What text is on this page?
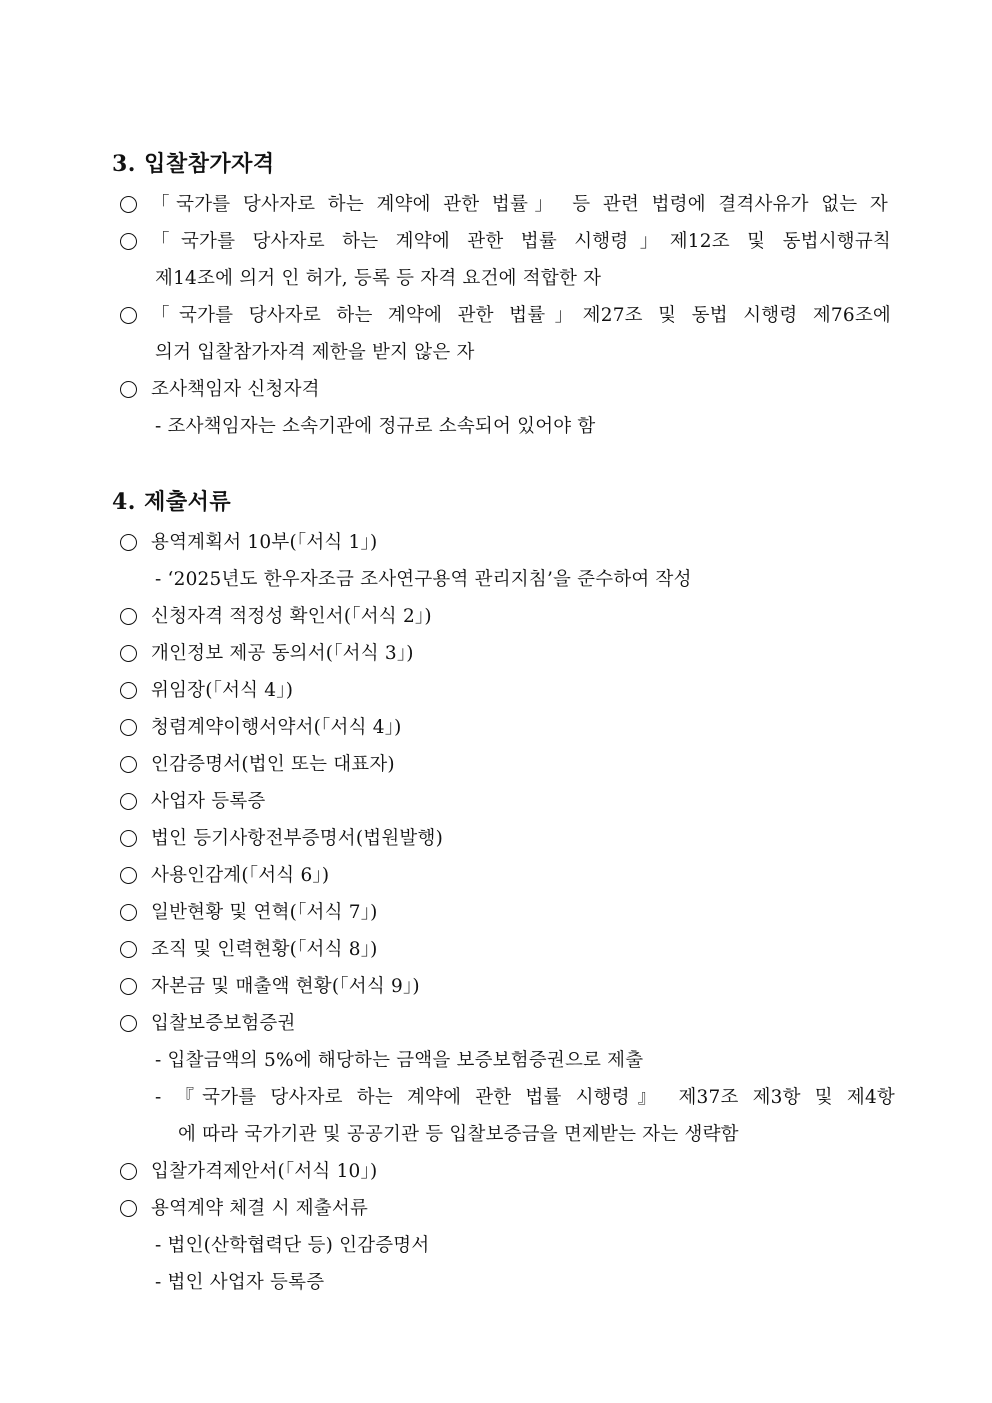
3. 입찰참가자격
「국가를 당사자로 하는 계약에 관한 법률」 등 관련 법령에 결격사유가 없는 자
「국가를 당사자로 하는 계약에 관한 법률 시행령」제12조 및 동법시행규칙
제14조에 의거 인 허가, 등록 등 자격 요건에 적합한 자
「국가를 당사자로 하는 계약에 관한 법률」제27조 및 동법 시행령 제76조에
의거 입찰참가자격 제한을 받지 않은 자
조사책임자 신청자격
- 조사책임자는 소속기관에 정규로 소속되어 있어야 함
4. 제출서류
용역계획서 10부(「서식 1」)
- ‘2025년도 한우자조금 조사연구용역 관리지침’을 준수하여 작성
신청자격 적정성 확인서(「서식 2」)
개인정보 제공 동의서(「서식 3」)
위임장(「서식 4」)
청렴계약이행서약서(「서식 4」)
인감증명서(법인 또는 대표자)
사업자 등록증
법인 등기사항전부증명서(법원발행)
사용인감계(「서식 6」)
일반현황 및 연혁(「서식 7」)
조직 및 인력현황(「서식 8」)
자본금 및 매출액 현황(「서식 9」)
입찰보증보험증권
- 입찰금액의 5%에 해당하는 금액을 보증보험증권으로 제출
- 『국가를 당사자로 하는 계약에 관한 법률 시행령』 제37조 제3항 및 제4항
에 따라 국가기관 및 공공기관 등 입찰보증금을 면제받는 자는 생략함
입찰가격제안서(「서식 10」)
용역계약 체결 시 제출서류
- 법인(산학협력단 등) 인감증명서
- 법인 사업자 등록증
